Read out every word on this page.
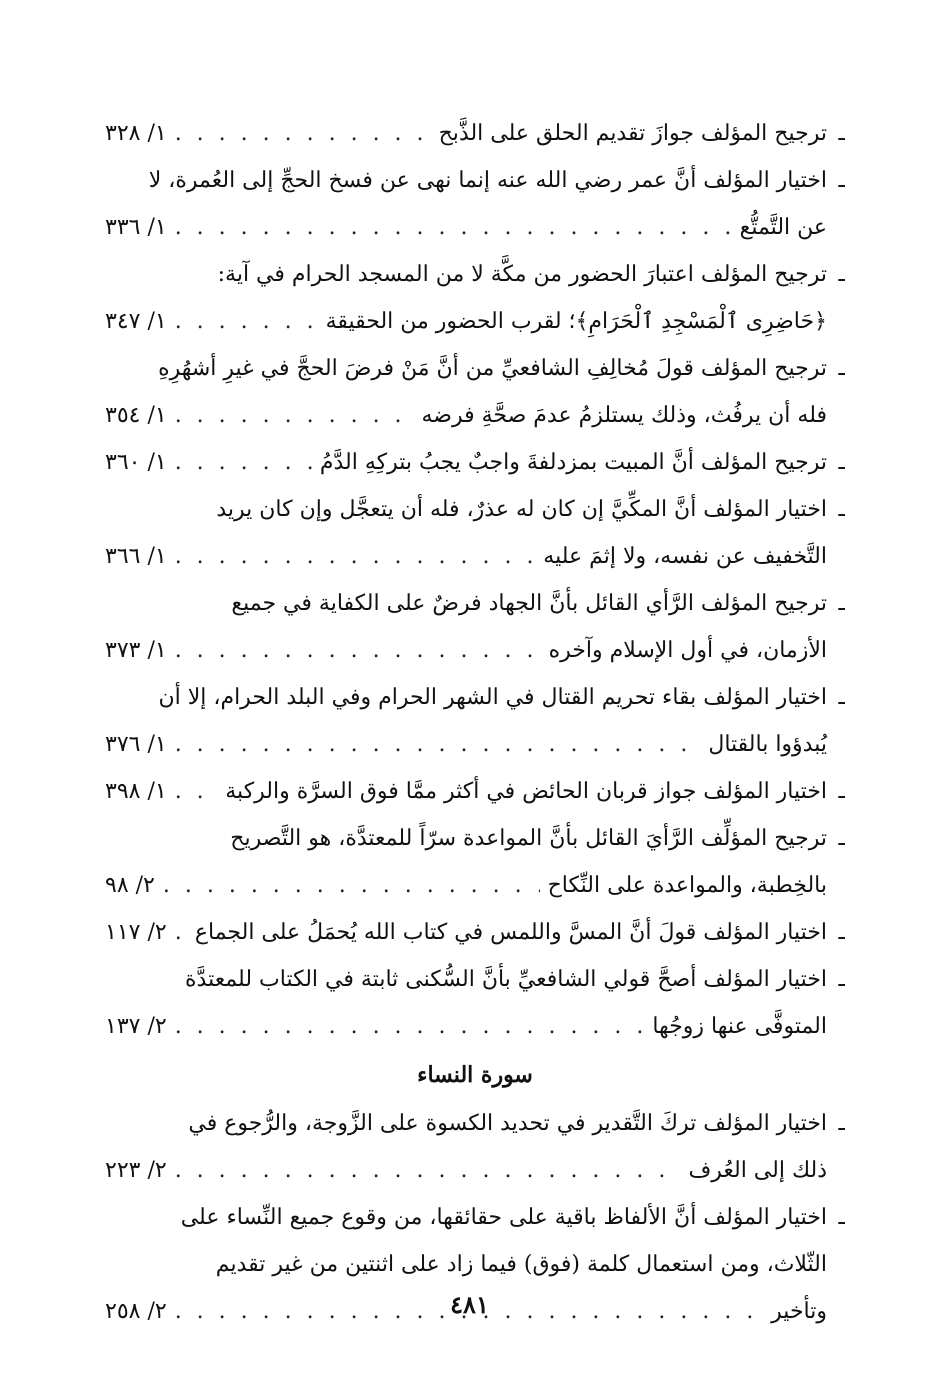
ـ ترجيح المؤلف جوازَ تقديم الحلق على الذَّبح
. . .
١/ ٣٢٨
ـ اختيار المؤلف أنَّ عمر رضي الله عنه إنما نهى عن فسخ الحجِّ إلى العُمرة، لا
عن التَّمتُّع
. . .
١/ ٣٣٦
ـ ترجيح المؤلف اعتبارَ الحضور من مكَّة لا من المسجد الحرام في آية:
﴿حَاضِرِى ٱلْمَسْجِدِ ٱلْحَرَامِ﴾؛ لقرب الحضور من الحقيقة
. . .
١/ ٣٤٧
ـ ترجيح المؤلف قولَ مُخالِفِ الشافعيِّ من أنَّ مَنْ فرضَ الحجَّ في غيرِ أشهُرِهِ
فله أن يرفُث، وذلك يستلزمُ عدمَ صحَّةِ فرضه
. . .
١/ ٣٥٤
ـ ترجيح المؤلف أنَّ المبيت بمزدلفةَ واجبٌ يجبُ بتركِهِ الدَّمُ
. . .
١/ ٣٦٠
ـ اختيار المؤلف أنَّ المكِّيَّ إن كان له عذرٌ، فله أن يتعجَّل وإن كان يريد
التَّخفيف عن نفسه، ولا إثمَ عليه
. . .
١/ ٣٦٦
ـ ترجيح المؤلف الرَّأي القائل بأنَّ الجهاد فرضٌ على الكفاية في جميع
الأزمان، في أول الإسلام وآخره
. . .
١/ ٣٧٣
ـ اختيار المؤلف بقاء تحريم القتال في الشهر الحرام وفي البلد الحرام، إلا أن
يُبدؤوا بالقتال
. . .
١/ ٣٧٦
ـ اختيار المؤلف جواز قربان الحائض في أكثر ممَّا فوق السرَّة والركبة
. . .
١/ ٣٩٨
ـ ترجيح المؤلِّف الرَّأيَ القائل بأنَّ المواعدة سرّاً للمعتدَّة، هو التَّصريح
بالخِطبة، والمواعدة على النِّكاح
. . .
٢/ ٩٨
ـ اختيار المؤلف قولَ أنَّ المسَّ واللمس في كتاب الله يُحمَلُ على الجماع
. . .
٢/ ١١٧
ـ اختيار المؤلف أصحَّ قولي الشافعيِّ بأنَّ السُّكنى ثابتة في الكتاب للمعتدَّة
المتوفَّى عنها زوجُها
. . .
٢/ ١٣٧
سورة النساء
ـ اختيار المؤلف تركَ التَّقدير في تحديد الكسوة على الزَّوجة، والرُّجوع في
ذلك إلى العُرف
. . .
٢/ ٢٢٣
ـ اختيار المؤلف أنَّ الألفاظ باقية على حقائقها، من وقوع جميع النِّساء على
الثّلاث، ومن استعمال كلمة (فوق) فيما زاد على اثنتين من غير تقديم
وتأخير
. . .
٢/ ٢٥٨	٤٨١
